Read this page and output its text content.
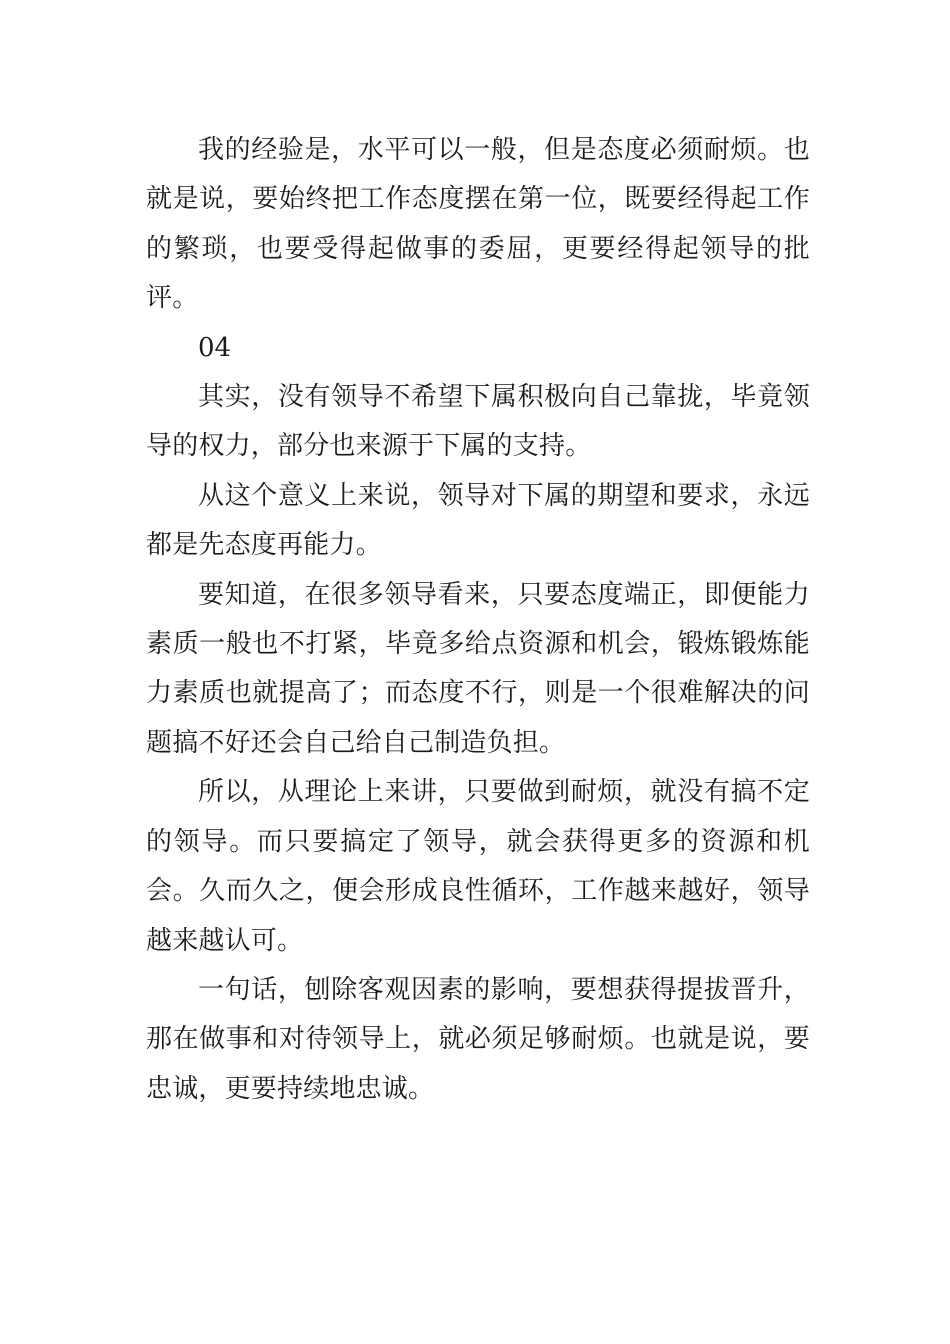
我的经验是，水平可以一般，但是态度必须耐烦。也就是说，要始终把工作态度摆在第一位，既要经得起工作的繁琐，也要受得起做事的委屈，更要经得起领导的批评。

04

其实，没有领导不希望下属积极向自己靠拢，毕竟领导的权力，部分也来源于下属的支持。

从这个意义上来说，领导对下属的期望和要求，永远都是先态度再能力。

要知道，在很多领导看来，只要态度端正，即便能力素质一般也不打紧，毕竟多给点资源和机会，锻炼锻炼能力素质也就提高了；而态度不行，则是一个很难解决的问题搞不好还会自己给自己制造负担。

所以，从理论上来讲，只要做到耐烦，就没有搞不定的领导。而只要搞定了领导，就会获得更多的资源和机会。久而久之，便会形成良性循环，工作越来越好，领导越来越认可。

一句话，刨除客观因素的影响，要想获得提拔晋升，那在做事和对待领导上，就必须足够耐烦。也就是说，要忠诚，更要持续地忠诚。
